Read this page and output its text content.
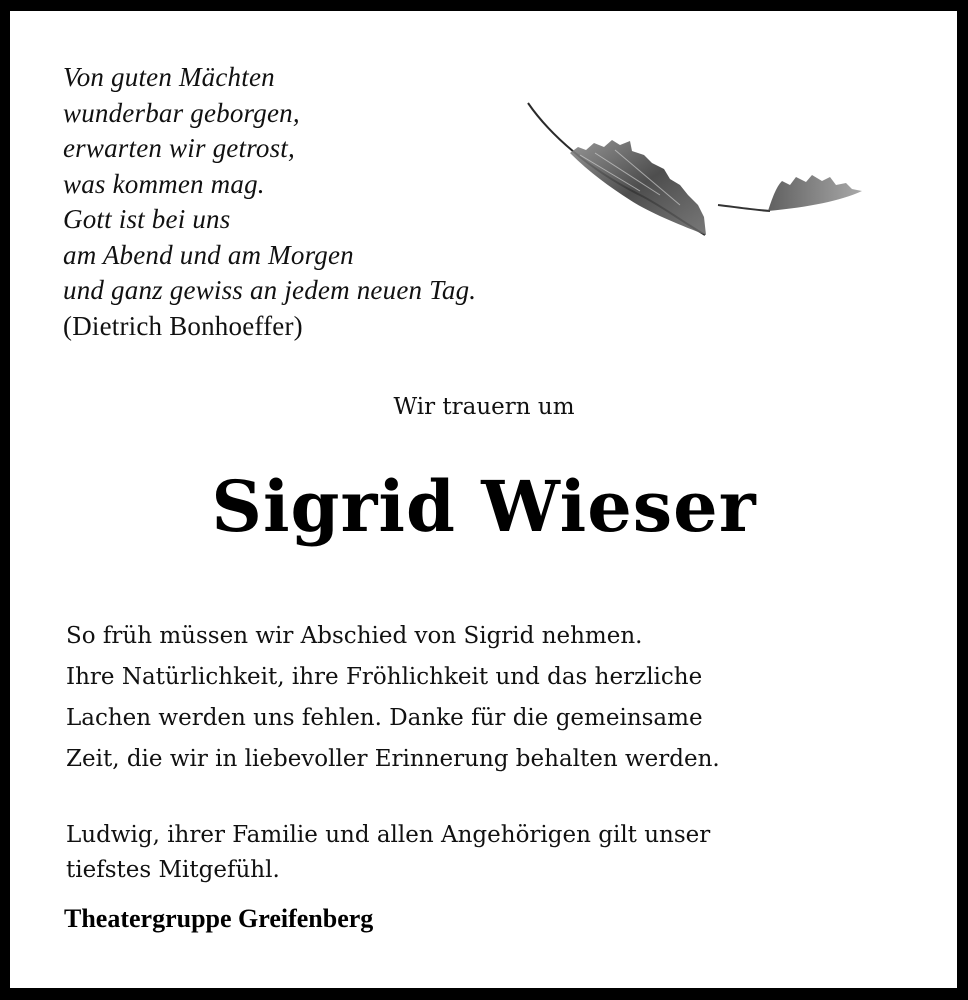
Von guten Mächten
wunderbar geborgen,
erwarten wir getrost,
was kommen mag.
Gott ist bei uns
am Abend und am Morgen
und ganz gewiss an jedem neuen Tag.
(Dietrich Bonhoeffer)
Wir trauern um
Sigrid Wieser
So früh müssen wir Abschied von Sigrid nehmen.
Ihre Natürlichkeit, ihre Fröhlichkeit und das herzliche
Lachen werden uns fehlen. Danke für die gemeinsame
Zeit, die wir in liebevoller Erinnerung behalten werden.
Ludwig, ihrer Familie und allen Angehörigen gilt unser
tiefstes Mitgefühl.
Theatergruppe Greifenberg
